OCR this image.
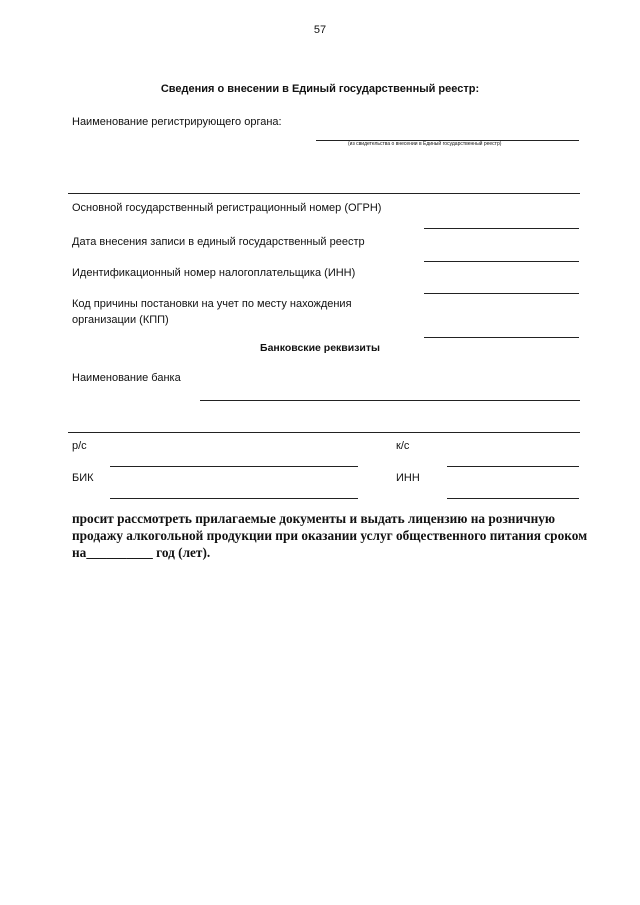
57
Сведения о внесении в Единый государственный реестр:
Наименование регистрирующего органа:
(из свидетельства о внесении в Единый государственный реестр)
Основной государственный регистрационный номер (ОГРН)
Дата внесения записи в единый государственный реестр
Идентификационный номер налогоплательщика (ИНН)
Код причины постановки на учет по месту нахождения
организации (КПП)
Банковские реквизиты
Наименование банка
р/с	к/с
БИК	ИНН
просит рассмотреть прилагаемые документы и выдать лицензию на розничную
продажу алкогольной продукции при оказании услуг общественного питания сроком
на__________ год (лет).
